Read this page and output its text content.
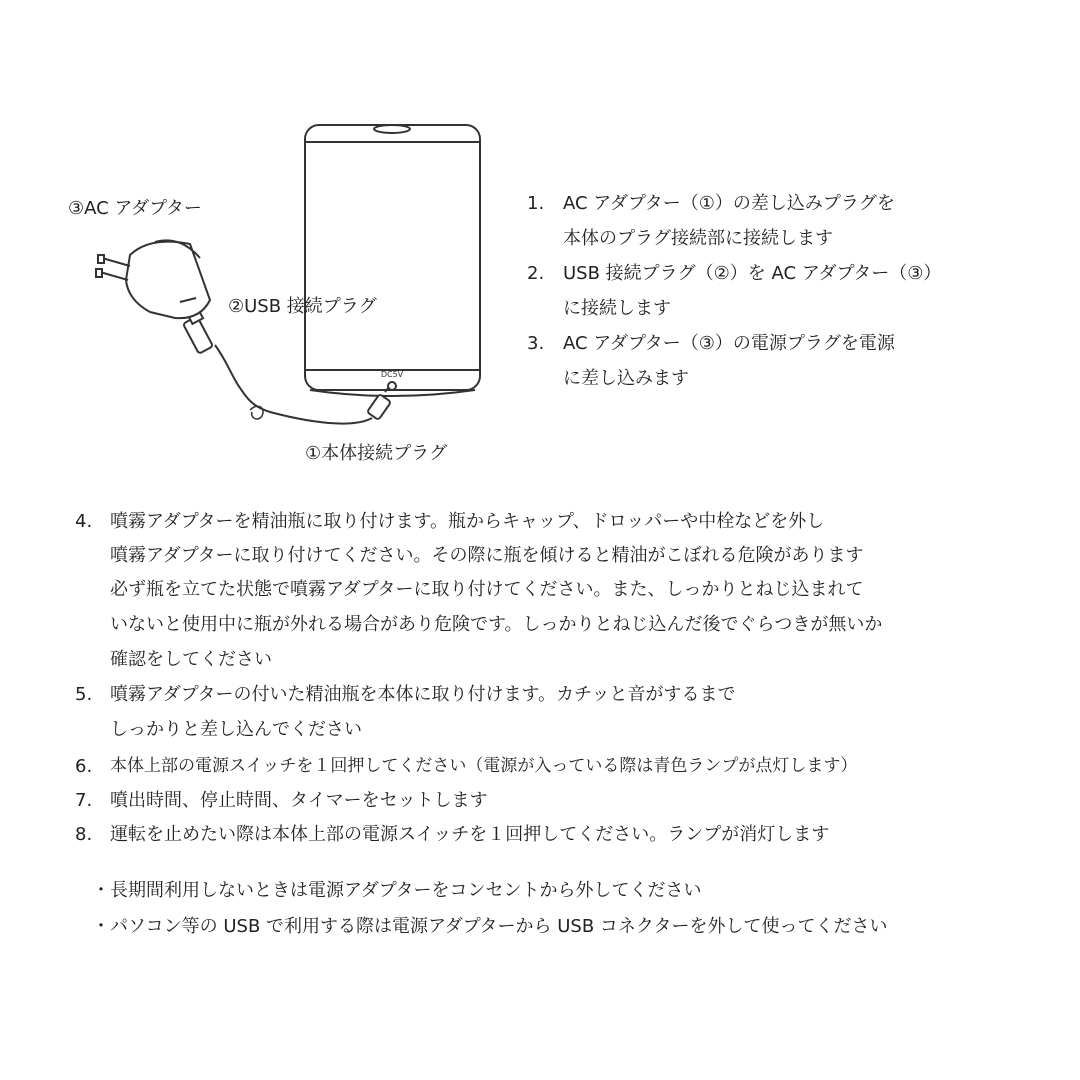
DC5V
③AC アダプター
②USB 接続プラグ
①本体接続プラグ
1. AC アダプター（①）の差し込みプラグを
本体のプラグ接続部に接続します
2. USB 接続プラグ（②）を AC アダプター（③）
に接続します
3. AC アダプター（③）の電源プラグを電源
に差し込みます
4. 噴霧アダプターを精油瓶に取り付けます。瓶からキャップ、ドロッパーや中栓などを外し
噴霧アダプターに取り付けてください。その際に瓶を傾けると精油がこぼれる危険があります
必ず瓶を立てた状態で噴霧アダプターに取り付けてください。また、しっかりとねじ込まれて
いないと使用中に瓶が外れる場合があり危険です。しっかりとねじ込んだ後でぐらつきが無いか
確認をしてください
5. 噴霧アダプターの付いた精油瓶を本体に取り付けます。カチッと音がするまで
しっかりと差し込んでください
6. 本体上部の電源スイッチを１回押してください（電源が入っている際は青色ランプが点灯します）
7. 噴出時間、停止時間、タイマーをセットします
8. 運転を止めたい際は本体上部の電源スイッチを１回押してください。ランプが消灯します
・長期間利用しないときは電源アダプターをコンセントから外してください
・パソコン等の USB で利用する際は電源アダプターから USB コネクターを外して使ってください
